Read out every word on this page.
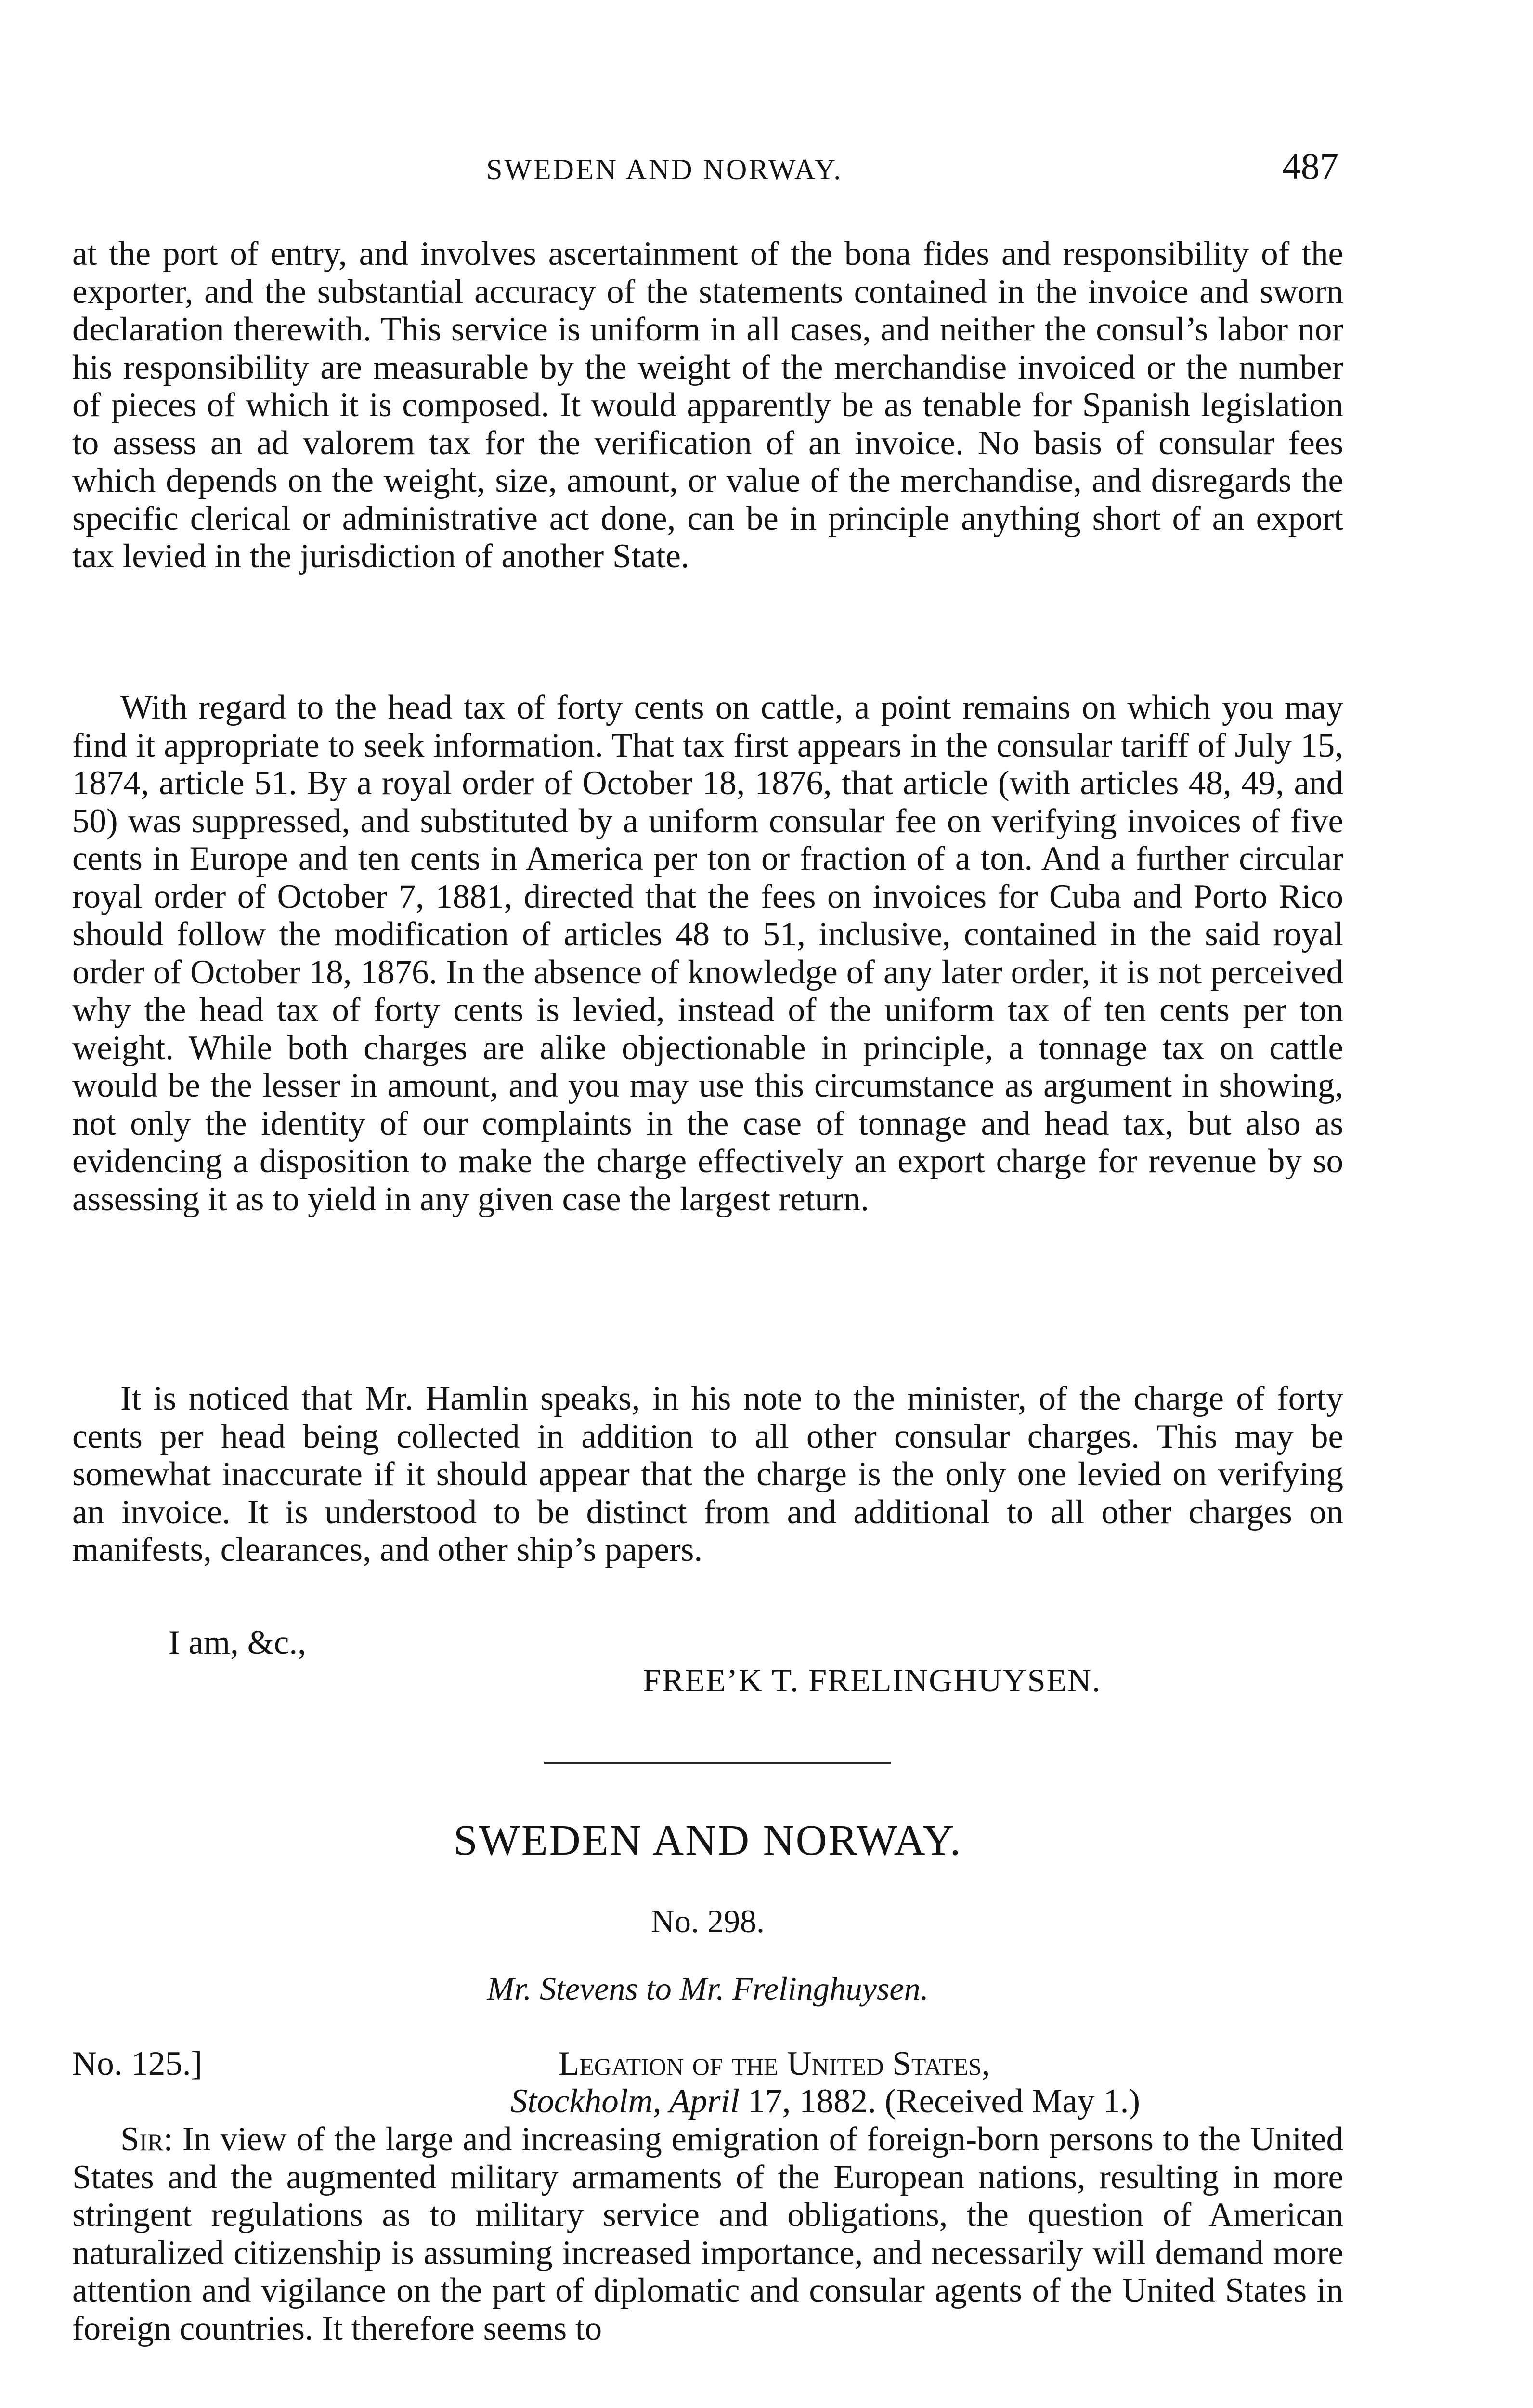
SWEDEN AND NORWAY.	487

at the port of entry, and involves ascertainment of the bona fides and responsibility of the exporter, and the substantial accuracy of the statements contained in the invoice and sworn declaration therewith. This service is uniform in all cases, and neither the consul’s labor nor his responsibility are measurable by the weight of the merchandise invoiced or the number of pieces of which it is composed. It would apparently be as tenable for Spanish legislation to assess an ad valorem tax for the verification of an invoice. No basis of consular fees which depends on the weight, size, amount, or value of the merchandise, and disregards the specific clerical or administrative act done, can be in principle anything short of an export tax levied in the jurisdiction of another State.

With regard to the head tax of forty cents on cattle, a point remains on which you may find it appropriate to seek information. That tax first appears in the consular tariff of July 15, 1874, article 51. By a royal order of October 18, 1876, that article (with articles 48, 49, and 50) was suppressed, and substituted by a uniform consular fee on verifying invoices of five cents in Europe and ten cents in America per ton or fraction of a ton. And a further circular royal order of October 7, 1881, directed that the fees on invoices for Cuba and Porto Rico should follow the modification of articles 48 to 51, inclusive, contained in the said royal order of October 18, 1876. In the absence of knowledge of any later order, it is not perceived why the head tax of forty cents is levied, instead of the uniform tax of ten cents per ton weight. While both charges are alike objectionable in principle, a tonnage tax on cattle would be the lesser in amount, and you may use this circumstance as argument in showing, not only the identity of our complaints in the case of tonnage and head tax, but also as evidencing a disposition to make the charge effectively an export charge for revenue by so assessing it as to yield in any given case the largest return.

It is noticed that Mr. Hamlin speaks, in his note to the minister, of the charge of forty cents per head being collected in addition to all other consular charges. This may be somewhat inaccurate if it should appear that the charge is the only one levied on verifying an invoice. It is understood to be distinct from and additional to all other charges on manifests, clearances, and other ship’s papers.

I am, &c.,
FREE’K T. FRELINGHUYSEN.
SWEDEN AND NORWAY.
No. 298.
Mr. Stevens to Mr. Frelinghuysen.
No. 125.]	Legation of the United States,
Stockholm, April 17, 1882. (Received May 1.)

Sir: In view of the large and increasing emigration of foreign-born persons to the United States and the augmented military armaments of the European nations, resulting in more stringent regulations as to military service and obligations, the question of American naturalized citizenship is assuming increased importance, and necessarily will demand more attention and vigilance on the part of diplomatic and consular agents of the United States in foreign countries. It therefore seems to
